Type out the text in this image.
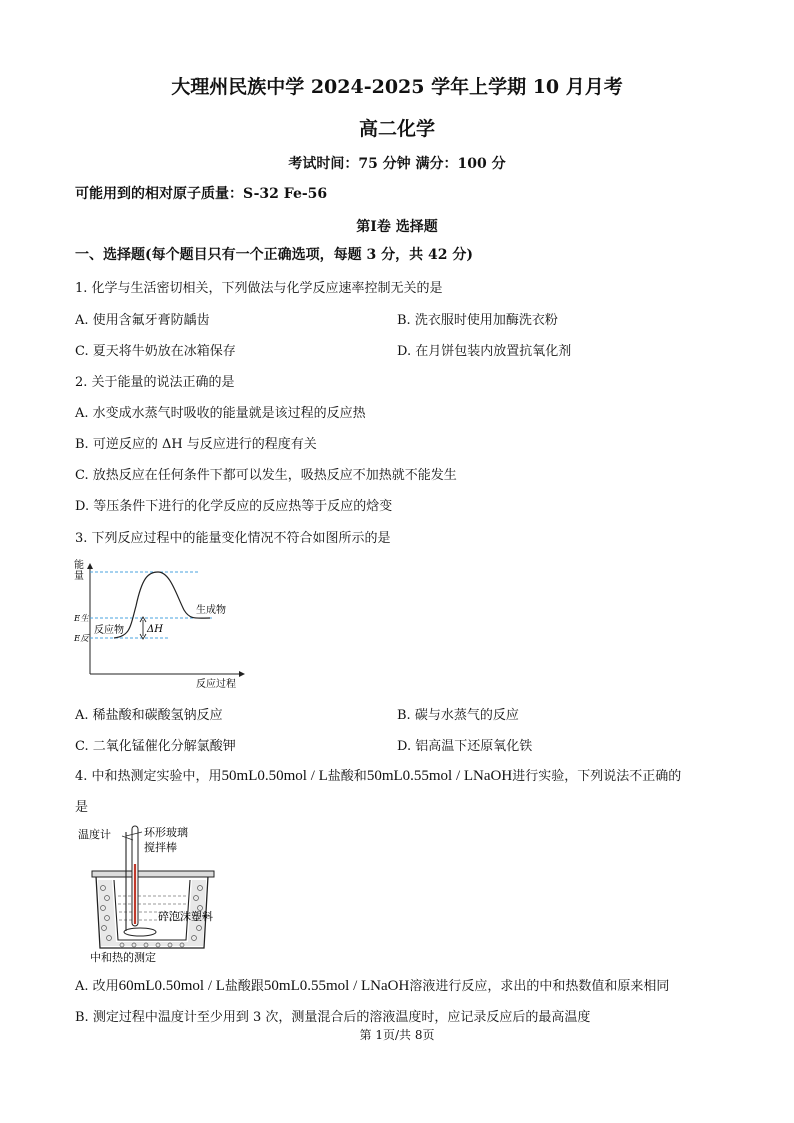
大理州民族中学 2024-2025 学年上学期 10 月月考
高二化学
考试时间：75 分钟 满分：100 分
可能用到的相对原子质量：S-32 Fe-56
第Ⅰ卷 选择题
一、选择题(每个题目只有一个正确选项，每题 3 分，共 42 分)
1. 化学与生活密切相关，下列做法与化学反应速率控制无关的是
A. 使用含氟牙膏防龋齿	B. 洗衣服时使用加酶洗衣粉
C. 夏天将牛奶放在冰箱保存	D. 在月饼包装内放置抗氧化剂
2. 关于能量的说法正确的是
A. 水变成水蒸气时吸收的能量就是该过程的反应热
B. 可逆反应的 ΔH 与反应进行的程度有关
C. 放热反应在任何条件下都可以发生，吸热反应不加热就不能发生
D. 等压条件下进行的化学反应的反应热等于反应的焓变
3. 下列反应过程中的能量变化情况不符合如图所示的是
能
量
E生
E反
生成物
反应物 ΔH
反应过程
A. 稀盐酸和碳酸氢钠反应	B. 碳与水蒸气的反应
C. 二氧化锰催化分解氯酸钾	D. 铝高温下还原氧化铁
4. 中和热测定实验中，用50mL0.50mol / L盐酸和50mL0.55mol / LNaOH进行实验，下列说法不正确的
是
温度计	环形玻璃
搅拌棒
碎泡沫塑料
中和热的测定
A. 改用60mL0.50mol / L盐酸跟50mL0.55mol / LNaOH溶液进行反应，求出的中和热数值和原来相同
B. 测定过程中温度计至少用到 3 次，测量混合后的溶液温度时，应记录反应后的最高温度
第 1页/共 8页
